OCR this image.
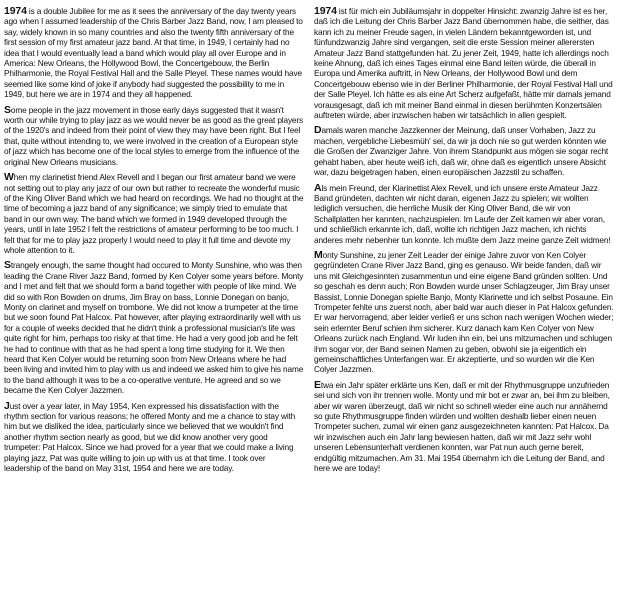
1974 is a double Jubilee for me as it sees the anniversary of the day twenty years ago when I assumed leadership of the Chris Barber Jazz Band, now, I am pleased to say, widely known in so many countries and also the twenty fifth anniversary of the first session of my first amateur jazz band. At that time, in 1949, I certainly had no idea that I would eventually lead a band which would play all over Europe and in America: New Orleans, the Hollywood Bowl, the Concertgebouw, the Berlin Philharmonie, the Royal Festival Hall and the Salle Pleyel. These names would have seemed like some kind of joke if anybody had suggested the possibility to me in 1949, but here we are in 1974 and they all happened.

Some people in the jazz movement in those early days suggested that it wasn't worth our while trying to play jazz as we would never be as good as the great players of the 1920's and indeed from their point of view they may have been right. But I feel that, quite without intending to, we were involved in the creation of a European style of jazz which has become one of the local styles to emerge from the influence of the original New Orleans musicians.

When my clarinetist friend Alex Revell and I began our first amateur band we were not setting out to play any jazz of our own but rather to recreate the wonderful music of the King Oliver Band which we had heard on recordings. We had no thought at the time of becoming a jazz band of any significance; we simply tried to emulate that band in our own way. The band which we formed in 1949 developed through the years, until in late 1952 I felt the restrictions of amateur performing to be too much. I felt that for me to play jazz properly I would need to play it full time and devote my whole attention to it.

Strangely enough, the same thought had occured to Monty Sunshine, who was then leading the Crane River Jazz Band, formed by Ken Colyer some years before. Monty and I met and felt that we should form a band together with people of like mind. We did so with Ron Bowden on drums, Jim Bray on bass, Lonnie Donegan on banjo, Monty on clarinet and myself on trombone. We did not know a trumpeter at the time but we soon found Pat Halcox. Pat however, after playing extraordinarily well with us for a couple of weeks decided that he didn't think a professional musician's life was quite right for him, perhaps too risky at that time. He had a very good job and he felt he had to continue with that as he had spent a long time studying for it. We then heard that Ken Colyer would be returning soon from New Orleans where he had been living and invited him to play with us and indeed we asked him to give his name to the band although it was to be a co-operative venture. He agreed and so we became the Ken Colyer Jazzmen.

Just over a year later, in May 1954, Ken expressed his dissatisfaction with the rhythm section for various reasons; he offered Monty and me a chance to stay with him but we disliked the idea, particularly since we believed that we wouldn't find another rhythm section nearly as good, but we did know another very good trumpeter: Pat Halcox. Since we had proved for a year that we could make a living playing jazz, Pat was quite willing to join up with us at that time. I took over leadership of the band on May 31st, 1954 and here we are today.

1974 ist für mich ein Jubiläumsjahr in doppelter Hinsicht: zwanzig Jahre ist es her, daß ich die Leitung der Chris Barber Jazz Band übernommen habe, die seither, das kann ich zu meiner Freude sagen, in vielen Ländern bekanntgeworden ist, und fünfundzwanzig Jahre sind vergangen, seit die erste Session meiner allerersten Amateur Jazz Band stattgefunden hat. Zu jener Zeit, 1949, hatte ich allerdings noch keine Ahnung, daß ich eines Tages einmal eine Band leiten würde, die überall in Europa und Amerika auftritt, in New Orleans, der Hollywood Bowl und dem Concertgebouw ebenso wie in der Berliner Philharmonie, der Royal Festival Hall und der Salle Pleyel. Ich hätte es als eine Art Scherz aufgefaßt, hätte mir damals jemand vorausgesagt, daß ich mit meiner Band einmal in diesen berühmten Konzertsälen auftreten würde, aber inzwischen haben wir tatsächlich in allen gespielt.

Damals waren manche Jazzkenner der Meinung, daß unser Vorhaben, Jazz zu machen, vergebliche Liebesmüh' sei, da wir ja doch nie so gut werden könnten wie die Großen der Zwanziger Jahre. Von ihrem Standpunkt aus mögen sie sogar recht gehabt haben, aber heute weiß ich, daß wir, ohne daß es eigentlich unsere Absicht war, dazu beigetragen haben, einen europäischen Jazzstil zu schaffen.

Als mein Freund, der Klarinettist Alex Revell, und ich unsere erste Amateur Jazz Band gründeten, dachten wir nicht daran, eigenen Jazz zu spielen; wir wollten lediglich versuchen, die herrliche Musik der King Oliver Band, die wir von Schallplatten her kannten, nachzuspielen. Im Laufe der Zeit kamen wir aber voran, und schließlich erkannte ich, daß, wollte ich richtigen Jazz machen, ich nichts anderes mehr nebenher tun konnte. Ich mußte dem Jazz meine ganze Zeit widmen!

Monty Sunshine, zu jener Zeit Leader der einige Jahre zuvor von Ken Colyer gegründeten Crane River Jazz Band, ging es genauso. Wir beide fanden, daß wir uns mit Gleichgesinnten zusammentun und eine eigene Band gründen sollten. Und so geschah es denn auch; Ron Bowden wurde unser Schlagzeuger, Jim Bray unser Bassist, Lonnie Donegan spielte Banjo, Monty Klarinette und ich selbst Posaune. Ein Trompeter fehlte uns zuerst noch, aber bald war auch dieser in Pat Halcox gefunden. Er war hervorragend, aber leider verließ er uns schon nach wenigen Wochen wieder; sein erlernter Beruf schien ihm sicherer. Kurz danach kam Ken Colyer von New Orleans zurück nach England. Wir luden ihn ein, bei uns mitzumachen und schlugen ihm sogar vor, der Band seinen Namen zu geben, obwohl sie ja eigentlich ein gemeinschaftliches Unterfangen war. Er akzeptierte, und so wurden wir die Ken Colyer Jazzmen.

Etwa ein Jahr später erklärte uns Ken, daß er mit der Rhythmusgruppe unzufrieden sei und sich von ihr trennen wolle. Monty und mir bot er zwar an, bei ihm zu bleiben, aber wir waren überzeugt, daß wir nicht so schnell wieder eine auch nur annähernd so gute Rhythmusgruppe finden würden und wollten deshalb lieber einen neuen Trompeter suchen, zumal wir einen ganz ausgezeichneten kannten: Pat Halcox. Da wir inzwischen auch ein Jahr lang bewiesen hatten, daß wir mit Jazz sehr wohl unseren Lebensunterhalt verdienen konnten, war Pat nun auch gerne bereit, endgültig mitzumachen. Am 31. Mai 1954 übernahm ich die Leitung der Band, and here we are today!
